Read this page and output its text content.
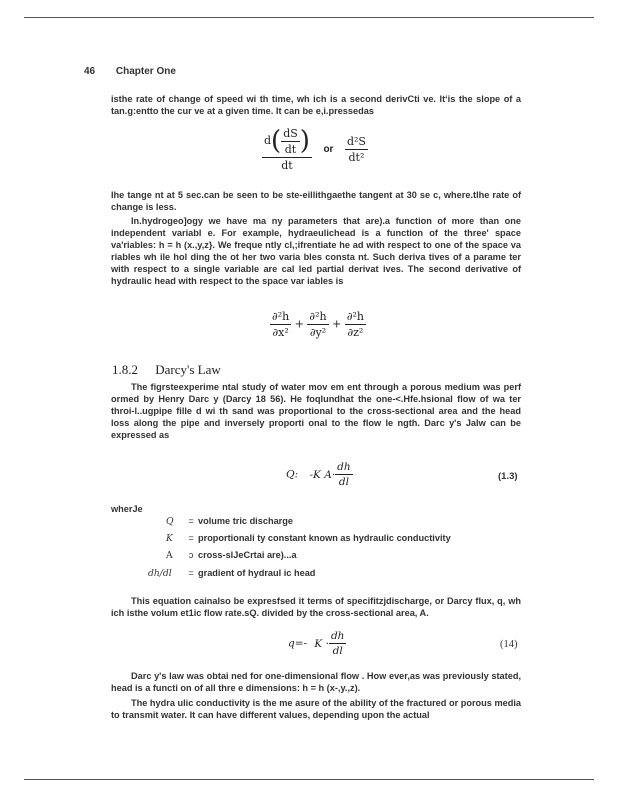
46 Chapter One

isthe rate of change of speed wi th time, wh ich is a second derivCti ve. It‘is the slope of a tan.g:entto the cur ve at a given time. It can be e,i.pressedas

$\frac{d( \frac{dS}{dt} )}{dt}$ or $\frac{\text{d²S}}{\text{dt²}}$

Ihe tange nt at 5 sec.can be seen to be ste-eillithgaethe tangent at 30 se c, where.tlhe rate of change is less.

In.hydrogeo]ogy we have ma ny parameters that are).a function of more than one independent variabl e. For example, hydraeulichead is a function of the three' space va'riables: h = h (x.,y,z}. We freque ntly cl,;ifrentiate he ad with respect to one of the space va riables wh ile hol ding the ot her two varia bles consta nt. Such deriva tives of a parame ter with respect to a single variable are cal led partial derivat ives. The second derivative of hydraulic head with respect to the space var iables is

$\frac{\text{∂²h}}{\text{∂x²}} + \frac{\text{∂²h}}{\text{∂y²}} + \frac{\text{∂²h}}{\text{∂z²}}$
1.8.2 Darcy's Law

The figrsteexperime ntal study of water mov em ent through a porous medium was perf ormed by Henry Darc y (Darcy 18 56). He foqlundhat the one-<.Hfe.hsional flow of wa ter throi-l..ugpipe fille d wi th sand was proportional to the cross-sectional area and the head loss along the pipe and inversely proporti onal to the flow le ngth. Darc y's Jalw can be expressed as

Q: -K $A\cdot \frac{dh}{dl}$	(1.3)
wherJe
Q = volume tric discharge
K = proportionali ty constant known as hydraulic conductivity
A ɔ cross-slJeCrtai are)...a
dh/dl = gradient of hydraul ic head

This equation cainalso be expresfsed it terms of specifitzjdischarge, or Darcy flux, q, wh ich isthe volum et1ic flow rate.sQ. divided by the cross-sectional area, A.

q=- $K \cdot \frac{dh}{dl}$	(14)

Darc y's law was obtai ned for one-dimensional flow . How ever,as was previously stated, head is a functi on of all thre e dimensions: h = h (x-,y.,z).

The hydra ulic conductivity is the me asure of the ability of the fractured or porous media to transmit water. It can have different values, depending upon the actual
